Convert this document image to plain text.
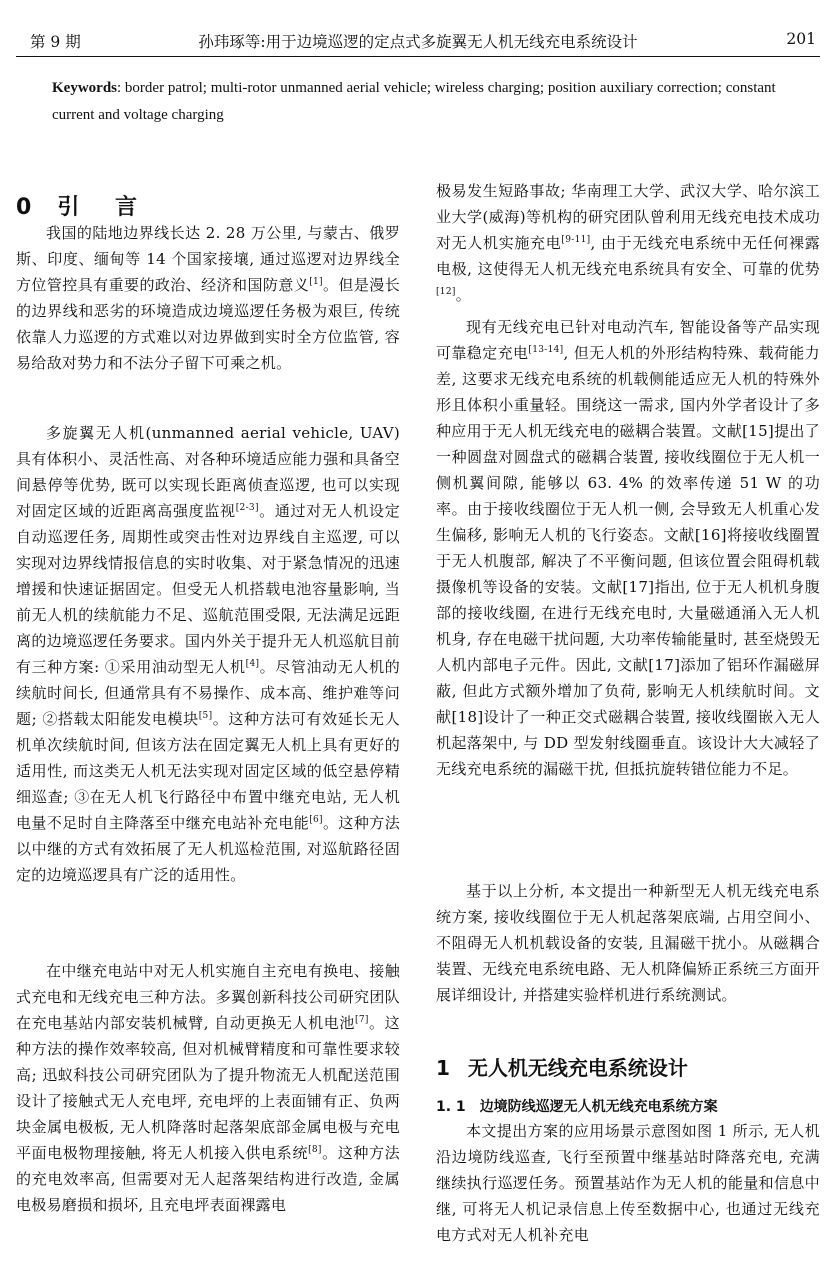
第 9 期	孙玮琢等:用于边境巡逻的定点式多旋翼无人机无线充电系统设计	201
Keywords: border patrol; multi-rotor unmanned aerial vehicle; wireless charging; position auxiliary correction; constant current and voltage charging
0 引 言

我国的陆地边界线长达 2. 28 万公里, 与蒙古、俄罗斯、印度、缅甸等 14 个国家接壤, 通过巡逻对边界线全方位管控具有重要的政治、经济和国防意义[1]。但是漫长的边界线和恶劣的环境造成边境巡逻任务极为艰巨, 传统依靠人力巡逻的方式难以对边界做到实时全方位监管, 容易给敌对势力和不法分子留下可乘之机。

多旋翼无人机(unmanned aerial vehicle, UAV)具有体积小、灵活性高、对各种环境适应能力强和具备空间悬停等优势, 既可以实现长距离侦查巡逻, 也可以实现对固定区域的近距离高强度监视[2-3]。通过对无人机设定自动巡逻任务, 周期性或突击性对边界线自主巡逻, 可以实现对边界线情报信息的实时收集、对于紧急情况的迅速增援和快速证据固定。但受无人机搭载电池容量影响, 当前无人机的续航能力不足、巡航范围受限, 无法满足远距离的边境巡逻任务要求。国内外关于提升无人机巡航目前有三种方案: ①采用油动型无人机[4]。尽管油动无人机的续航时间长, 但通常具有不易操作、成本高、维护难等问题; ②搭载太阳能发电模块[5]。这种方法可有效延长无人机单次续航时间, 但该方法在固定翼无人机上具有更好的适用性, 而这类无人机无法实现对固定区域的低空悬停精细巡查; ③在无人机飞行路径中布置中继充电站, 无人机电量不足时自主降落至中继充电站补充电能[6]。这种方法以中继的方式有效拓展了无人机巡检范围, 对巡航路径固定的边境巡逻具有广泛的适用性。

在中继充电站中对无人机实施自主充电有换电、接触式充电和无线充电三种方法。多翼创新科技公司研究团队在充电基站内部安装机械臂, 自动更换无人机电池[7]。这种方法的操作效率较高, 但对机械臂精度和可靠性要求较高; 迅蚁科技公司研究团队为了提升物流无人机配送范围设计了接触式无人充电坪, 充电坪的上表面铺有正、负两块金属电极板, 无人机降落时起落架底部金属电极与充电平面电极物理接触, 将无人机接入供电系统[8]。这种方法的充电效率高, 但需要对无人起落架结构进行改造, 金属电极易磨损和损坏, 且充电坪表面裸露电

极易发生短路事故; 华南理工大学、武汉大学、哈尔滨工业大学(威海)等机构的研究团队曾利用无线充电技术成功对无人机实施充电[9-11], 由于无线充电系统中无任何裸露电极, 这使得无人机无线充电系统具有安全、可靠的优势[12]。

现有无线充电已针对电动汽车, 智能设备等产品实现可靠稳定充电[13-14], 但无人机的外形结构特殊、载荷能力差, 这要求无线充电系统的机载侧能适应无人机的特殊外形且体积小重量轻。围绕这一需求, 国内外学者设计了多种应用于无人机无线充电的磁耦合装置。文献[15]提出了一种圆盘对圆盘式的磁耦合装置, 接收线圈位于无人机一侧机翼间隙, 能够以 63. 4% 的效率传递 51 W 的功率。由于接收线圈位于无人机一侧, 会导致无人机重心发生偏移, 影响无人机的飞行姿态。文献[16]将接收线圈置于无人机腹部, 解决了不平衡问题, 但该位置会阻碍机载摄像机等设备的安装。文献[17]指出, 位于无人机机身腹部的接收线圈, 在进行无线充电时, 大量磁通涌入无人机机身, 存在电磁干扰问题, 大功率传输能量时, 甚至烧毁无人机内部电子元件。因此, 文献[17]添加了铝环作漏磁屏蔽, 但此方式额外增加了负荷, 影响无人机续航时间。文献[18]设计了一种正交式磁耦合装置, 接收线圈嵌入无人机起落架中, 与 DD 型发射线圈垂直。该设计大大减轻了无线充电系统的漏磁干扰, 但抵抗旋转错位能力不足。

基于以上分析, 本文提出一种新型无人机无线充电系统方案, 接收线圈位于无人机起落架底端, 占用空间小、不阻碍无人机机载设备的安装, 且漏磁干扰小。从磁耦合装置、无线充电系统电路、无人机降偏矫正系统三方面开展详细设计, 并搭建实验样机进行系统测试。

1 无人机无线充电系统设计
1. 1 边境防线巡逻无人机无线充电系统方案

本文提出方案的应用场景示意图如图 1 所示, 无人机沿边境防线巡查, 飞行至预置中继基站时降落充电, 充满继续执行巡逻任务。预置基站作为无人机的能量和信息中继, 可将无人机记录信息上传至数据中心, 也通过无线充电方式对无人机补充电
